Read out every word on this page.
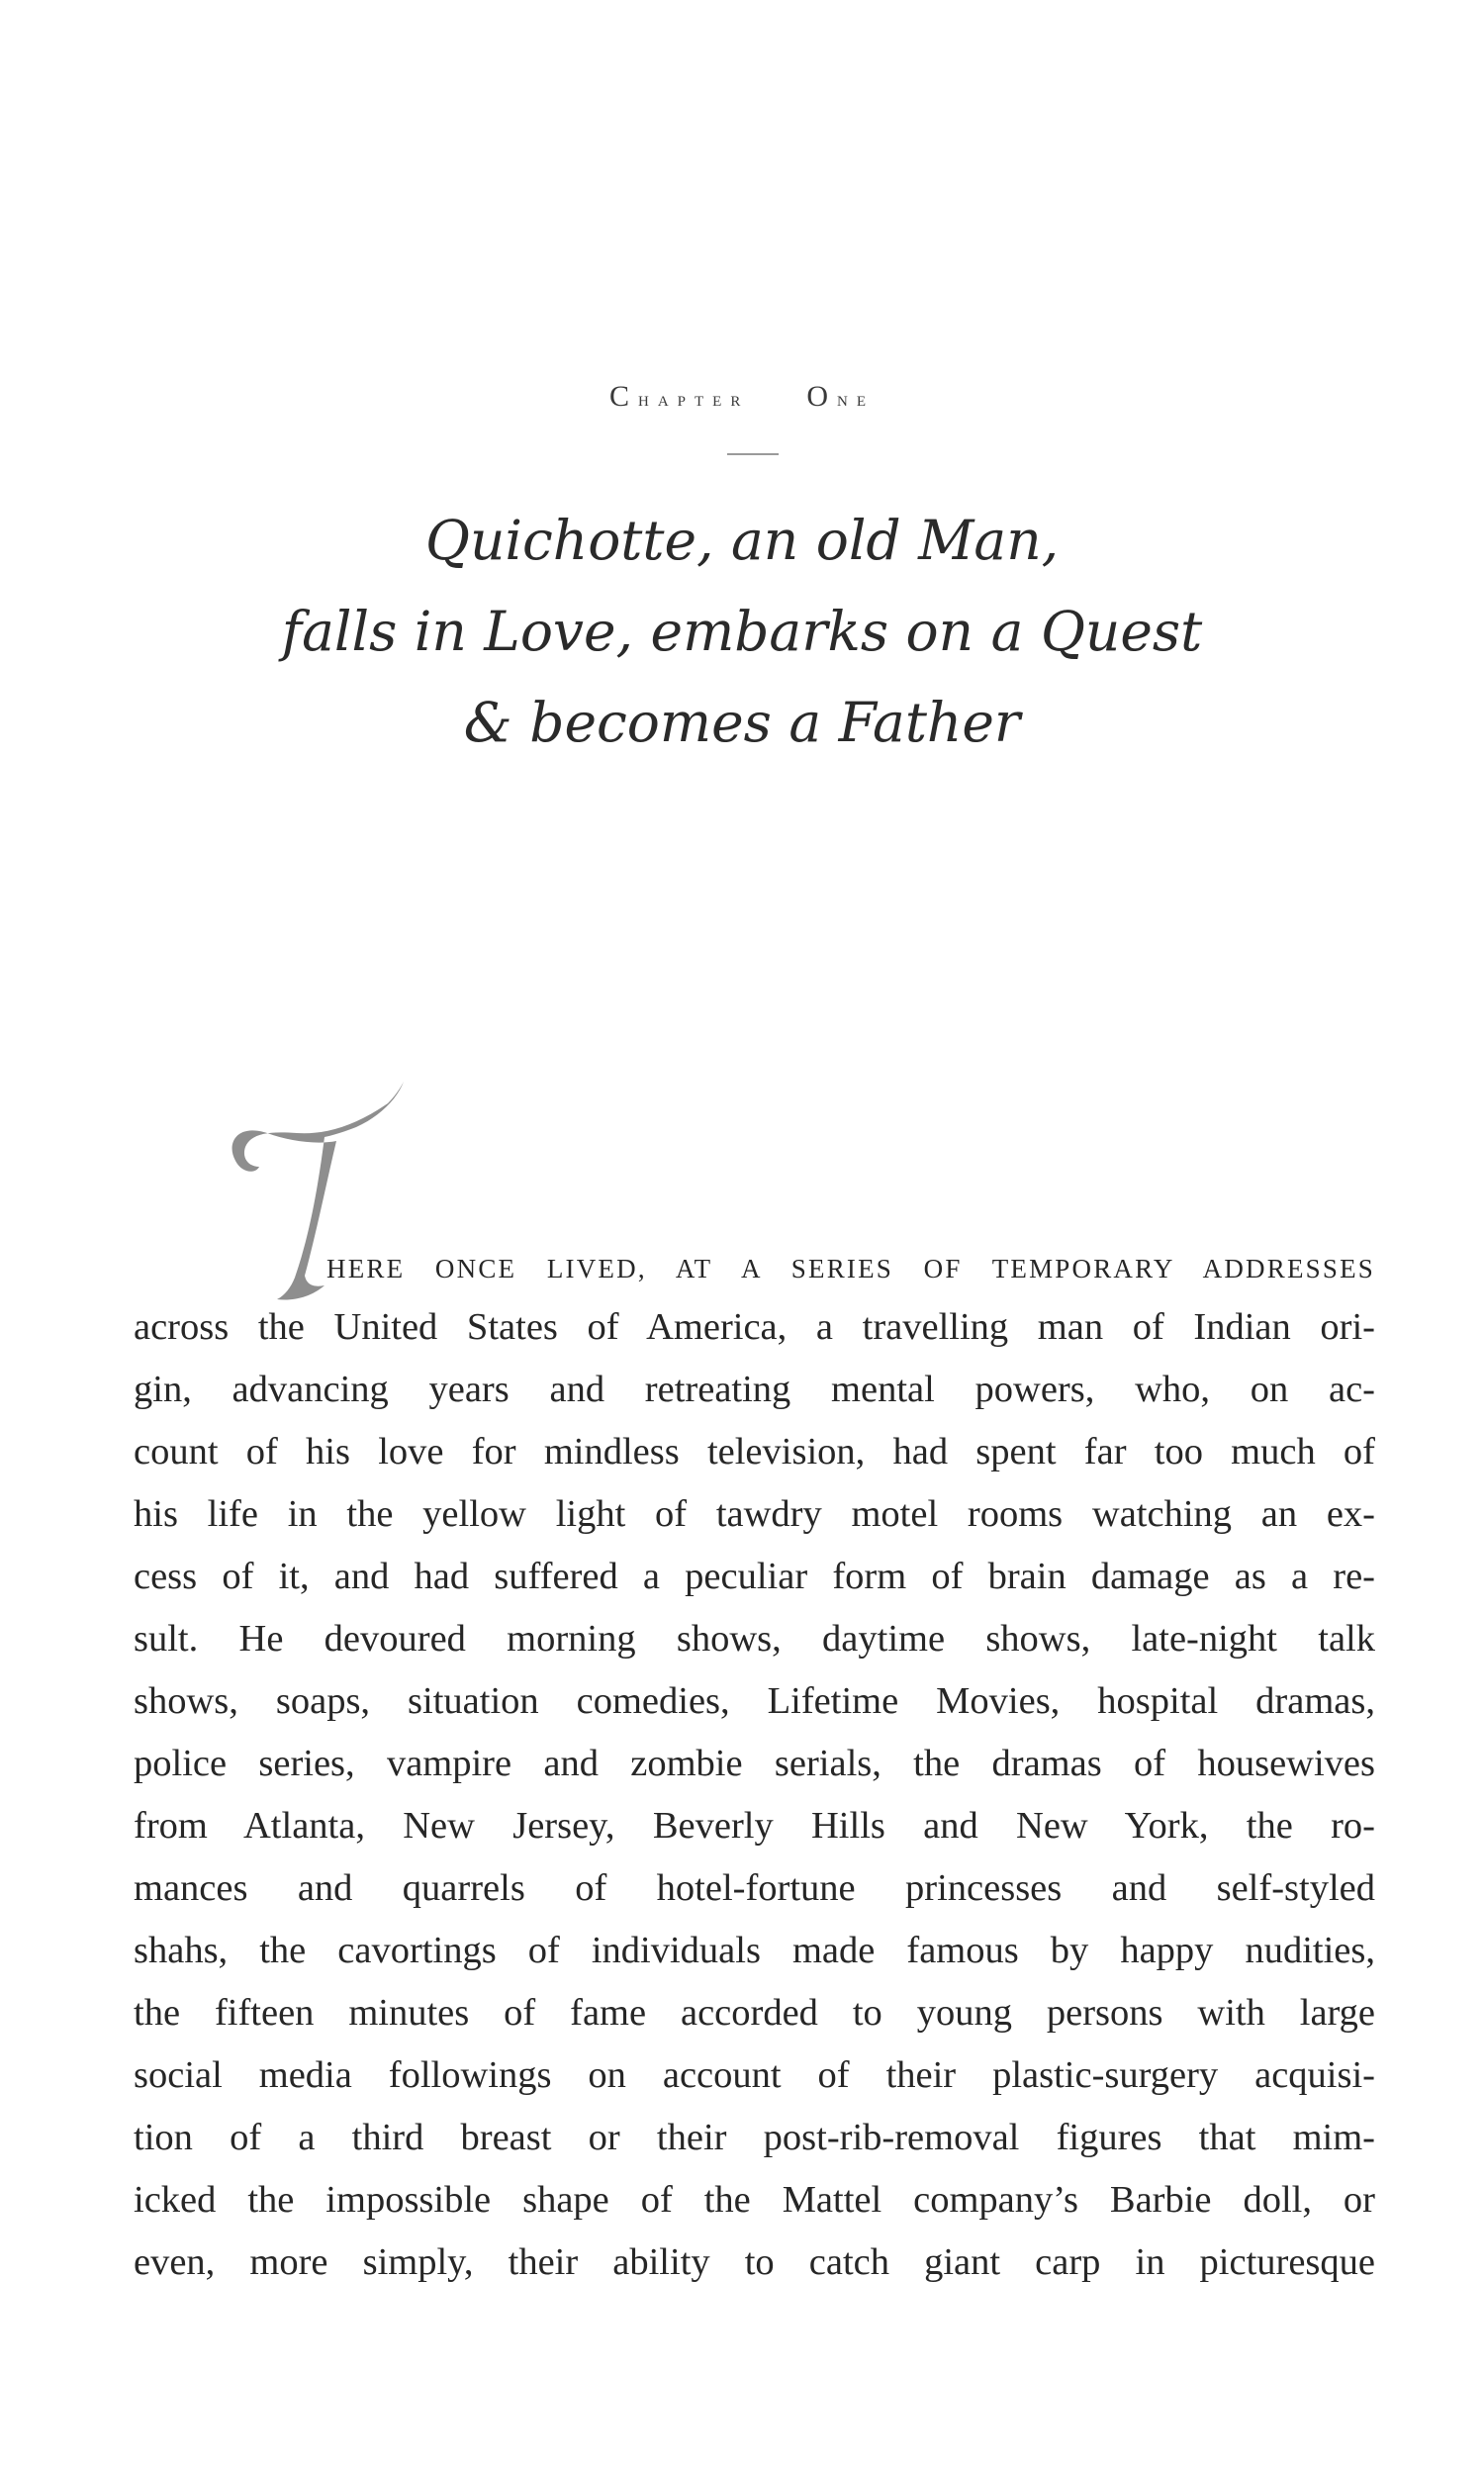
Chapter One
Quichotte, an old Man,
falls in Love, embarks on a Quest
& becomes a Father
HERE ONCE LIVED, AT A SERIES OF TEMPORARY ADDRESSES
across the United States of America, a travelling man of Indian ori-
gin, advancing years and retreating mental powers, who, on ac-
count of his love for mindless television, had spent far too much of
his life in the yellow light of tawdry motel rooms watching an ex-
cess of it, and had suffered a peculiar form of brain damage as a re-
sult. He devoured morning shows, daytime shows, late-night talk
shows, soaps, situation comedies, Lifetime Movies, hospital dramas,
police series, vampire and zombie serials, the dramas of housewives
from Atlanta, New Jersey, Beverly Hills and New York, the ro-
mances and quarrels of hotel-fortune princesses and self-styled
shahs, the cavortings of individuals made famous by happy nudities,
the fifteen minutes of fame accorded to young persons with large
social media followings on account of their plastic-surgery acquisi-
tion of a third breast or their post-rib-removal figures that mim-
icked the impossible shape of the Mattel company’s Barbie doll, or
even, more simply, their ability to catch giant carp in picturesque
